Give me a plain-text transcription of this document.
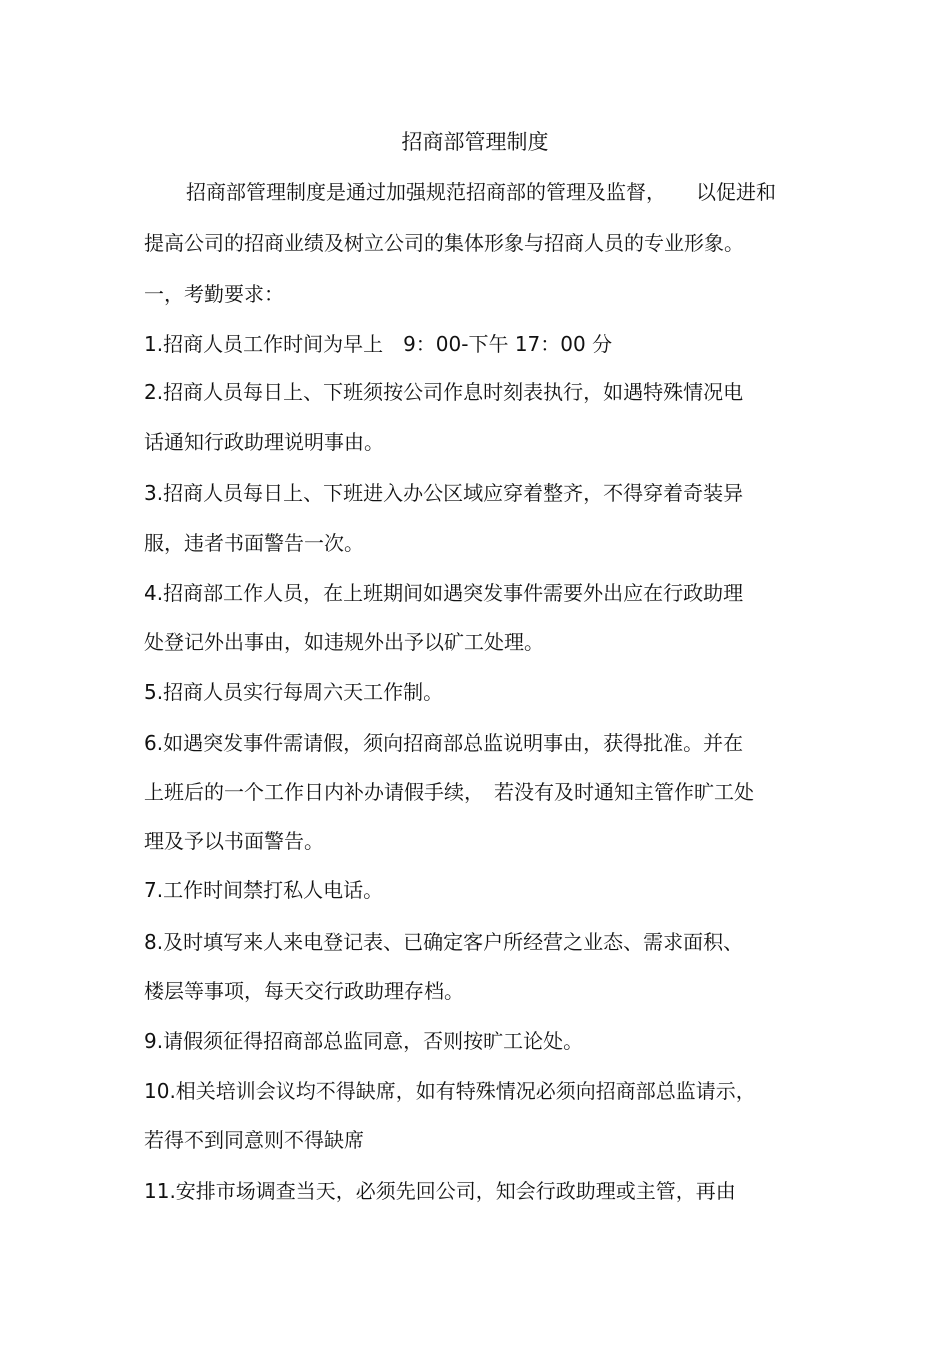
招商部管理制度
招商部管理制度是通过加强规范招商部的管理及监督，　　以促进和
提高公司的招商业绩及树立公司的集体形象与招商人员的专业形象。
一，考勤要求：
1.招商人员工作时间为早上　9：00-下午 17：00 分
2.招商人员每日上、下班须按公司作息时刻表执行，如遇特殊情况电
话通知行政助理说明事由。
3.招商人员每日上、下班进入办公区域应穿着整齐，不得穿着奇装异
服，违者书面警告一次。
4.招商部工作人员，在上班期间如遇突发事件需要外出应在行政助理
处登记外出事由，如违规外出予以矿工处理。
5.招商人员实行每周六天工作制。
6.如遇突发事件需请假，须向招商部总监说明事由，获得批准。并在
上班后的一个工作日内补办请假手续，　若没有及时通知主管作旷工处
理及予以书面警告。
7.工作时间禁打私人电话。
8.及时填写来人来电登记表、已确定客户所经营之业态、需求面积、
楼层等事项，每天交行政助理存档。
9.请假须征得招商部总监同意，否则按旷工论处。
10.相关培训会议均不得缺席，如有特殊情况必须向招商部总监请示，
若得不到同意则不得缺席
11.安排市场调查当天，必须先回公司，知会行政助理或主管，再由
